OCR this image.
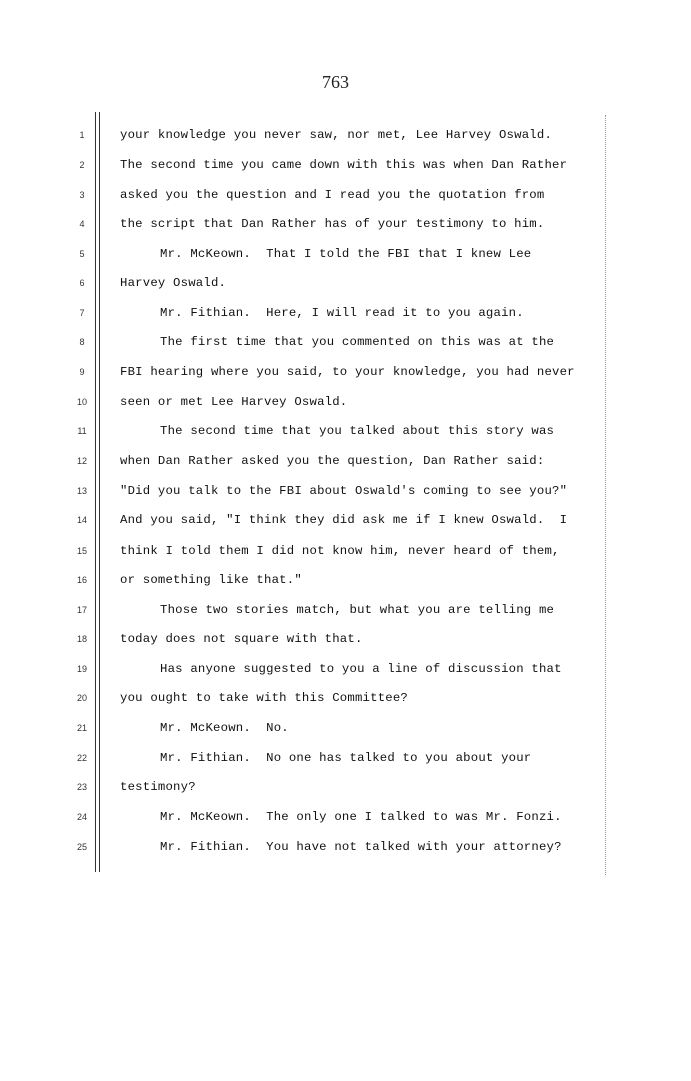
763
1
2
3
4
5
6
7
8
9
10
11
12
13
14
15
16
17
18
19
20
21
22
23
24
25
your knowledge you never saw, nor met, Lee Harvey Oswald.
The second time you came down with this was when Dan Rather
asked you the question and I read you the quotation from
the script that Dan Rather has of your testimony to him.
Mr. McKeown.  That I told the FBI that I knew Lee
Harvey Oswald.
Mr. Fithian.  Here, I will read it to you again.
The first time that you commented on this was at the
FBI hearing where you said, to your knowledge, you had never
seen or met Lee Harvey Oswald.
The second time that you talked about this story was
when Dan Rather asked you the question, Dan Rather said:
"Did you talk to the FBI about Oswald's coming to see you?"
And you said, "I think they did ask me if I knew Oswald.  I
think I told them I did not know him, never heard of them,
or something like that."
Those two stories match, but what you are telling me
today does not square with that.
Has anyone suggested to you a line of discussion that
you ought to take with this Committee?
Mr. McKeown.  No.
Mr. Fithian.  No one has talked to you about your
testimony?
Mr. McKeown.  The only one I talked to was Mr. Fonzi.
Mr. Fithian.  You have not talked with your attorney?
